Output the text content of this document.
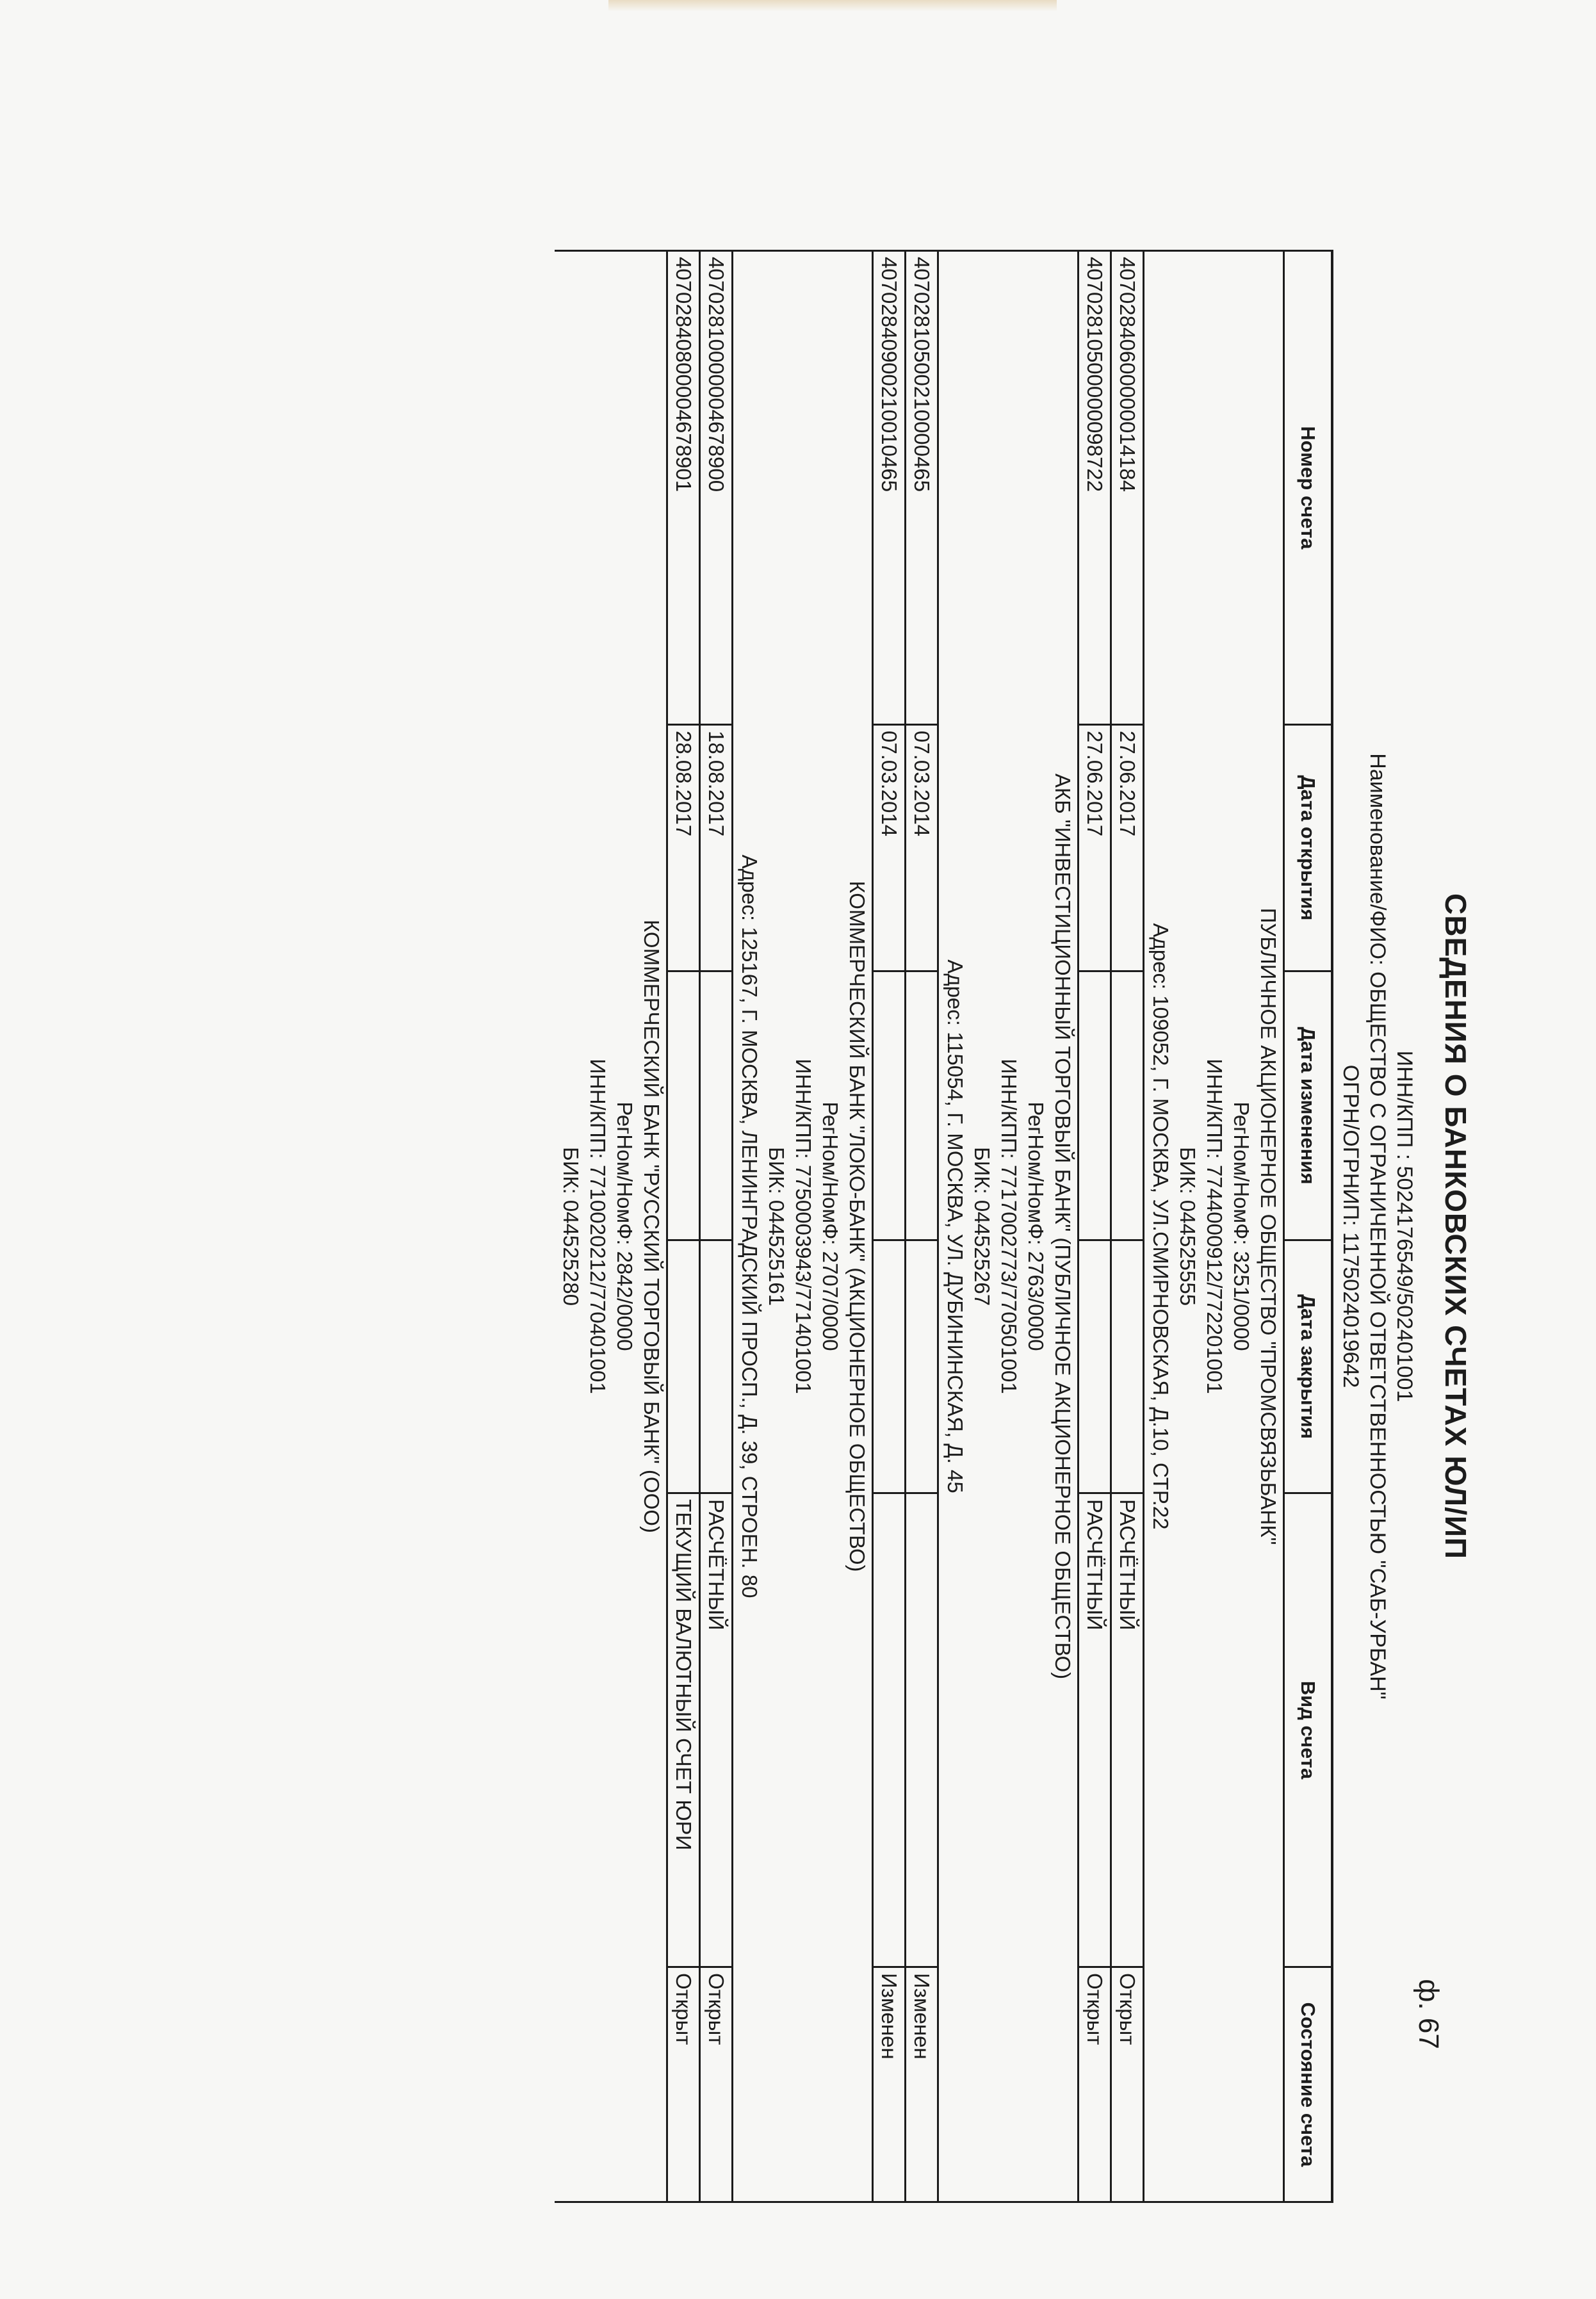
ф. 67
СВЕДЕНИЯ О БАНКОВСКИХ СЧЕТАХ ЮЛ/ИП
ИНН/КПП : 5024176549/502401001
Наименование/ФИО: ОБЩЕСТВО С ОГРАНИЧЕННОЙ ОТВЕТСТВЕННОСТЬЮ "САБ-УРБАН"
ОГРН/ОГРНИП: 1175024019642
Номер счета
Дата открытия
Дата изменения
Дата закрытия
Вид счета
Состояние счета
ПУБЛИЧНОЕ АКЦИОНЕРНОЕ ОБЩЕСТВО "ПРОМСВЯЗЬБАНК"
РегНом/НомФ: 3251/0000
ИНН/КПП: 7744000912/772201001
БИК: 044525555
Адрес: 109052, Г. МОСКВА, УЛ.СМИРНОВСКАЯ, Д.10, СТР.22
40702840600000014184
27.06.2017
РАСЧЁТНЫЙ
Открыт
40702810500000098722
27.06.2017
РАСЧЁТНЫЙ
Открыт
АКБ "ИНВЕСТИЦИОННЫЙ ТОРГОВЫЙ БАНК" (ПУБЛИЧНОЕ АКЦИОНЕРНОЕ ОБЩЕСТВО)
РегНом/НомФ: 2763/0000
ИНН/КПП: 7717002773/770501001
БИК: 044525267
Адрес: 115054, Г. МОСКВА, УЛ. ДУБИНИНСКАЯ, Д. 45
40702810500210000465
07.03.2014
Изменен
40702840900210010465
07.03.2014
Изменен
КОММЕРЧЕСКИЙ БАНК "ЛОКО-БАНК" (АКЦИОНЕРНОЕ ОБЩЕСТВО)
РегНом/НомФ: 2707/0000
ИНН/КПП: 7750003943/771401001
БИК: 044525161
Адрес: 125167, Г. МОСКВА, ЛЕНИНГРАДСКИЙ ПРОСП., Д. 39, СТРОЕН. 80
40702810000004678900
18.08.2017
РАСЧЁТНЫЙ
Открыт
40702840800004678901
28.08.2017
ТЕКУЩИЙ ВАЛЮТНЫЙ СЧЕТ ЮРИ
Открыт
КОММЕРЧЕСКИЙ БАНК "РУССКИЙ ТОРГОВЫЙ БАНК" (ООО)
РегНом/НомФ: 2842/0000
ИНН/КПП: 7710020212/770401001
БИК: 044525280
